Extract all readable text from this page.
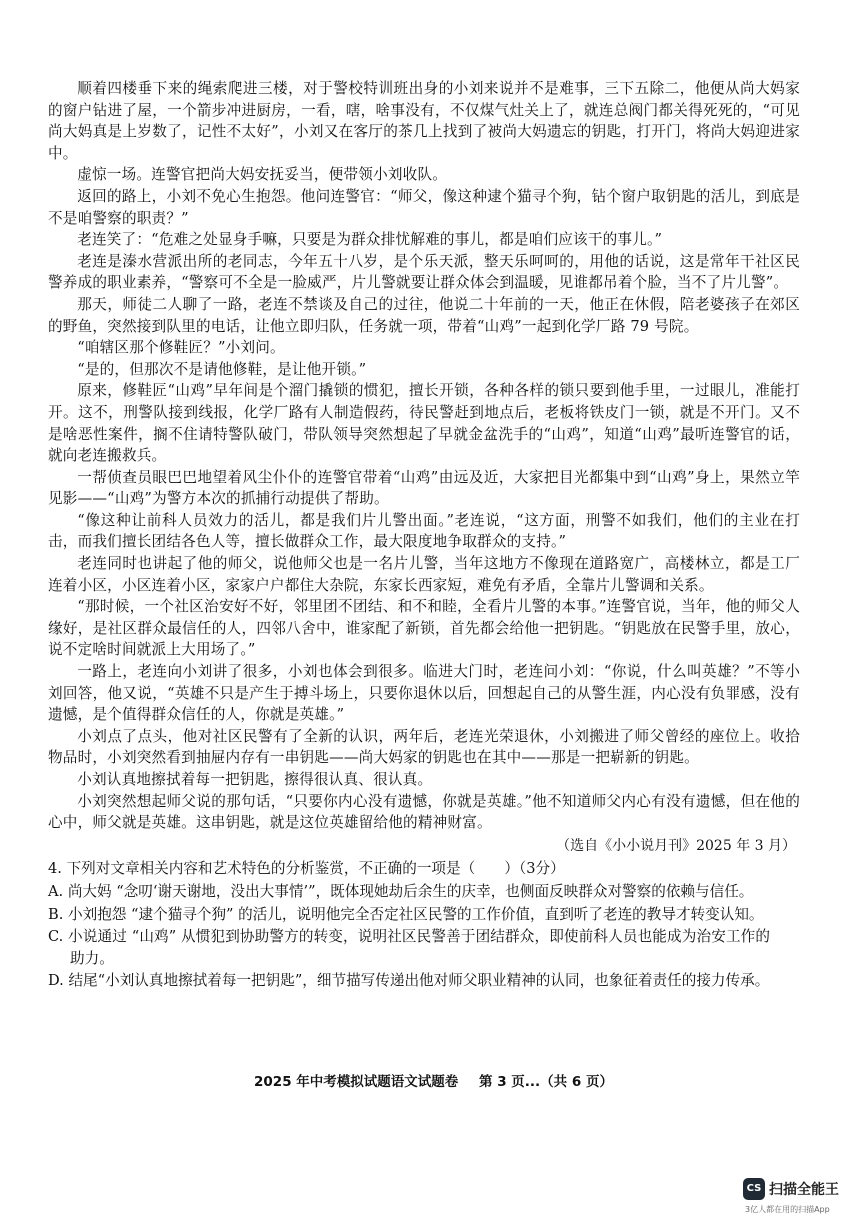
顺着四楼垂下来的绳索爬进三楼，对于警校特训班出身的小刘来说并不是难事，三下五除二，他便从尚大妈家的窗户钻进了屋，一个箭步冲进厨房，一看，嗐，啥事没有，不仅煤气灶关上了，就连总阀门都关得死死的，“可见尚大妈真是上岁数了，记性不太好”，小刘又在客厅的茶几上找到了被尚大妈遗忘的钥匙，打开门，将尚大妈迎进家中。

虚惊一场。连警官把尚大妈安抚妥当，便带领小刘收队。

返回的路上，小刘不免心生抱怨。他问连警官：“师父，像这种逮个猫寻个狗，钻个窗户取钥匙的活儿，到底是不是咱警察的职责？”

老连笑了：“危难之处显身手嘛，只要是为群众排忧解难的事儿，都是咱们应该干的事儿。”

老连是溱水营派出所的老同志，今年五十八岁，是个乐天派，整天乐呵呵的，用他的话说，这是常年干社区民警养成的职业素养，“警察可不全是一脸威严，片儿警就要让群众体会到温暖，见谁都吊着个脸，当不了片儿警”。

那天，师徒二人聊了一路，老连不禁谈及自己的过往，他说二十年前的一天，他正在休假，陪老婆孩子在郊区的野鱼，突然接到队里的电话，让他立即归队，任务就一项，带着“山鸡”一起到化学厂路 79 号院。

“咱辖区那个修鞋匠？”小刘问。

“是的，但那次不是请他修鞋，是让他开锁。”

原来，修鞋匠“山鸡”早年间是个溜门撬锁的惯犯，擅长开锁，各种各样的锁只要到他手里，一过眼儿，准能打开。这不，刑警队接到线报，化学厂路有人制造假药，待民警赶到地点后，老板将铁皮门一锁，就是不开门。又不是啥恶性案件，搁不住请特警队破门，带队领导突然想起了早就金盆洗手的“山鸡”，知道“山鸡”最听连警官的话，就向老连搬救兵。

一帮侦查员眼巴巴地望着风尘仆仆的连警官带着“山鸡”由远及近，大家把目光都集中到“山鸡”身上，果然立竿见影——“山鸡”为警方本次的抓捕行动提供了帮助。

“像这种让前科人员效力的活儿，都是我们片儿警出面。”老连说，“这方面，刑警不如我们，他们的主业在打击，而我们擅长团结各色人等，擅长做群众工作，最大限度地争取群众的支持。”

老连同时也讲起了他的师父，说他师父也是一名片儿警，当年这地方不像现在道路宽广，高楼林立，都是工厂连着小区，小区连着小区，家家户户都住大杂院，东家长西家短，难免有矛盾，全靠片儿警调和关系。

“那时候，一个社区治安好不好，邻里团不团结、和不和睦，全看片儿警的本事。”连警官说，当年，他的师父人缘好，是社区群众最信任的人，四邻八舍中，谁家配了新锁，首先都会给他一把钥匙。“钥匙放在民警手里，放心，说不定啥时间就派上大用场了。”

一路上，老连向小刘讲了很多，小刘也体会到很多。临进大门时，老连问小刘：“你说，什么叫英雄？”不等小刘回答，他又说，“英雄不只是产生于搏斗场上，只要你退休以后，回想起自己的从警生涯，内心没有负罪感，没有遗憾，是个值得群众信任的人，你就是英雄。”

小刘点了点头，他对社区民警有了全新的认识，两年后，老连光荣退休，小刘搬进了师父曾经的座位上。收拾物品时，小刘突然看到抽屉内存有一串钥匙——尚大妈家的钥匙也在其中——那是一把崭新的钥匙。

小刘认真地擦拭着每一把钥匙，擦得很认真、很认真。

小刘突然想起师父说的那句话，“只要你内心没有遗憾，你就是英雄。”他不知道师父内心有没有遗憾，但在他的心中，师父就是英雄。这串钥匙，就是这位英雄留给他的精神财富。

（选自《小小说月刊》2025 年 3 月）

4. 下列对文章相关内容和艺术特色的分析鉴赏，不正确的一项是（　　）（3分）

A. 尚大妈 “念叨‘谢天谢地，没出大事情’”，既体现她劫后余生的庆幸，也侧面反映群众对警察的依赖与信任。

B. 小刘抱怨 “逮个猫寻个狗” 的活儿，说明他完全否定社区民警的工作价值，直到听了老连的教导才转变认知。

C. 小说通过 “山鸡” 从惯犯到协助警方的转变，说明社区民警善于团结群众，即使前科人员也能成为治安工作的助力。

D. 结尾“小刘认真地擦拭着每一把钥匙”，细节描写传递出他对师父职业精神的认同，也象征着责任的接力传承。

2025 年中考模拟试题语文试题卷 第 3 页...（共 6 页）
CS 扫描全能王
3亿人都在用的扫描App
